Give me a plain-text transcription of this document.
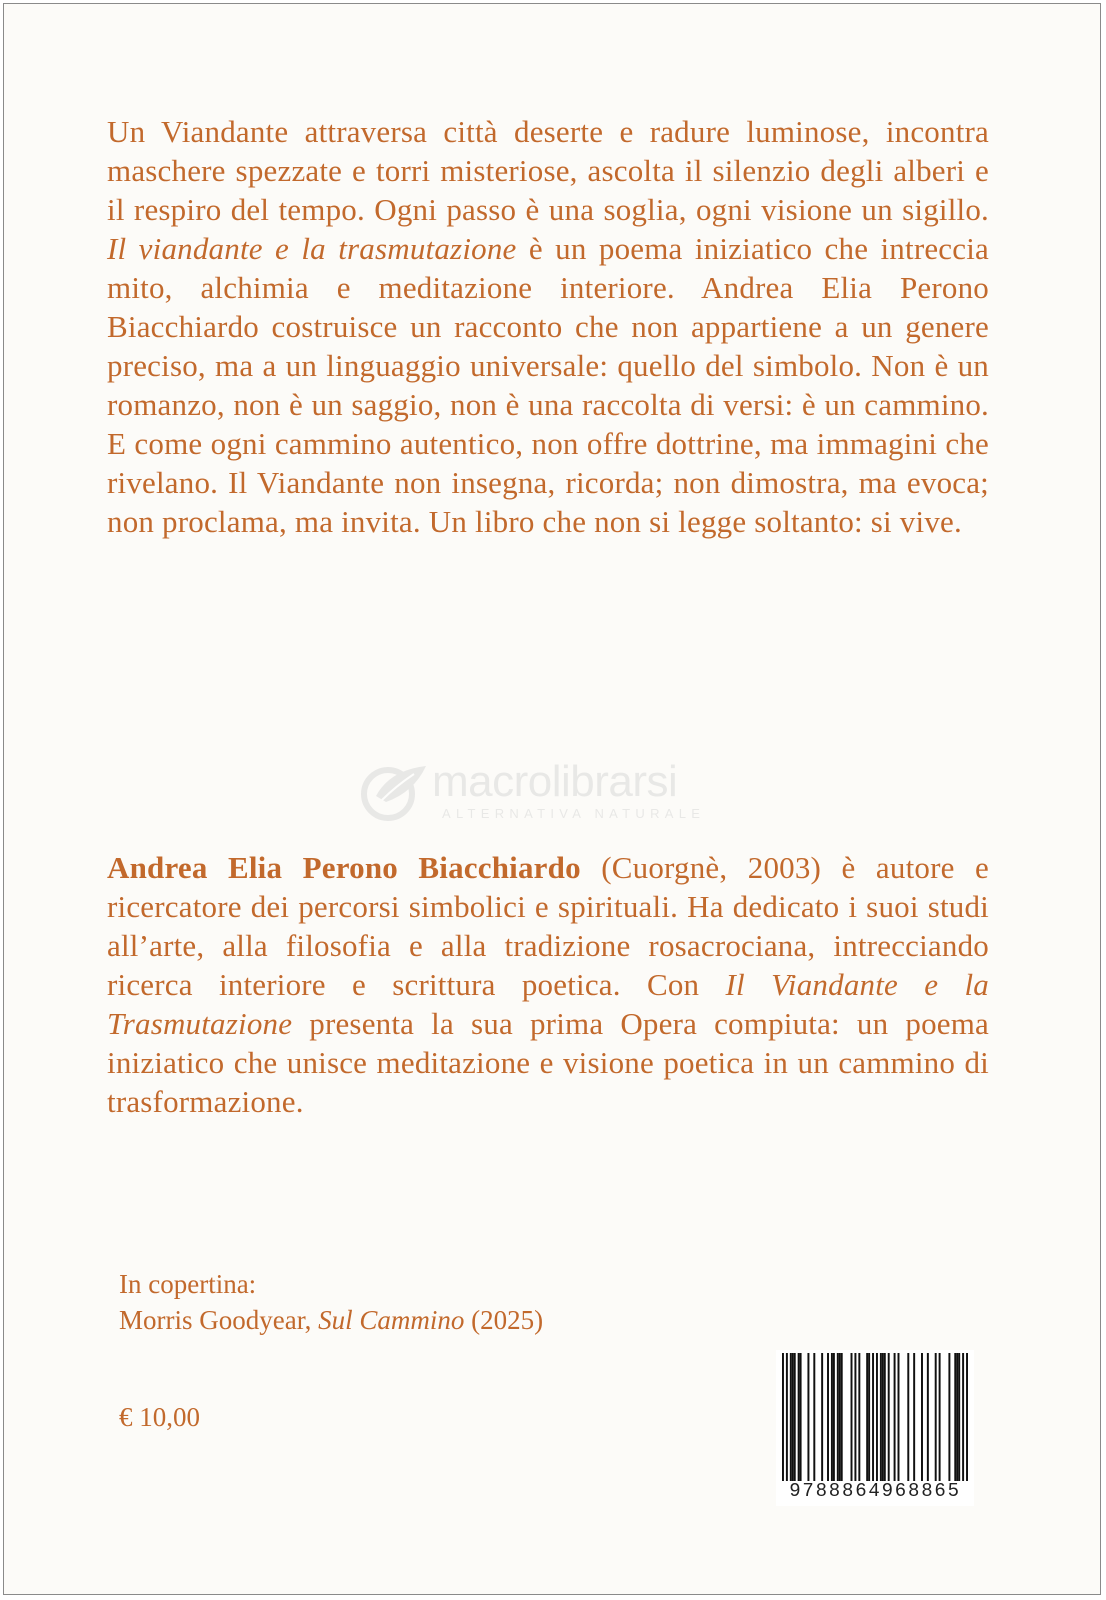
Un Viandante attraversa città deserte e radure luminose, incontra maschere spezzate e torri misteriose, ascolta il silenzio degli alberi e il respiro del tempo. Ogni passo è una soglia, ogni visione un sigillo. Il viandante e la trasmutazione è un poema iniziatico che intreccia mito, alchimia e meditazione interiore. Andrea Elia Perono Biacchiardo costruisce un racconto che non appartiene a un genere preciso, ma a un linguaggio universale: quello del simbolo. Non è un romanzo, non è un saggio, non è una raccolta di versi: è un cammino. E come ogni cammino autentico, non offre dottrine, ma immagini che rivelano. Il Viandante non insegna, ricorda; non dimostra, ma evoca; non proclama, ma invita. Un libro che non si legge soltanto: si vive.

macrolibrarsi
ALTERNATIVA NATURALE

Andrea Elia Perono Biacchiardo (Cuorgnè, 2003) è autore e ricercatore dei percorsi simbolici e spirituali. Ha dedicato i suoi studi all’arte, alla filosofia e alla tradizione rosacrociana, intrecciando ricerca interiore e scrittura poetica. Con Il Viandante e la Trasmutazione presenta la sua prima Opera compiuta: un poema iniziatico che unisce meditazione e visione poetica in un cammino di trasformazione.

In copertina:

Morris Goodyear, Sul Cammino (2025)

€ 10,00
9788864968865
